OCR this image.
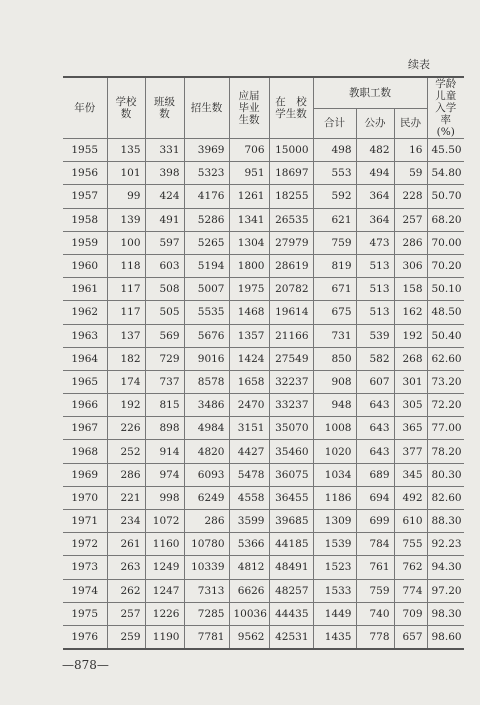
续表
年份	学校数	班级数	招生数	应届毕业生数	在　校学生数	教职工数			学龄儿童入学率(%)
						合计	公办	民办	
1955	135	331	3969	706	15000	498	482	16	45.50
1956	101	398	5323	951	18697	553	494	59	54.80
1957	99	424	4176	1261	18255	592	364	228	50.70
1958	139	491	5286	1341	26535	621	364	257	68.20
1959	100	597	5265	1304	27979	759	473	286	70.00
1960	118	603	5194	1800	28619	819	513	306	70.20
1961	117	508	5007	1975	20782	671	513	158	50.10
1962	117	505	5535	1468	19614	675	513	162	48.50
1963	137	569	5676	1357	21166	731	539	192	50.40
1964	182	729	9016	1424	27549	850	582	268	62.60
1965	174	737	8578	1658	32237	908	607	301	73.20
1966	192	815	3486	2470	33237	948	643	305	72.20
1967	226	898	4984	3151	35070	1008	643	365	77.00
1968	252	914	4820	4427	35460	1020	643	377	78.20
1969	286	974	6093	5478	36075	1034	689	345	80.30
1970	221	998	6249	4558	36455	1186	694	492	82.60
1971	234	1072	286	3599	39685	1309	699	610	88.30
1972	261	1160	10780	5366	44185	1539	784	755	92.23
1973	263	1249	10339	4812	48491	1523	761	762	94.30
1974	262	1247	7313	6626	48257	1533	759	774	97.20
1975	257	1226	7285	10036	44435	1449	740	709	98.30
1976	259	1190	7781	9562	42531	1435	778	657	98.60
—878—
